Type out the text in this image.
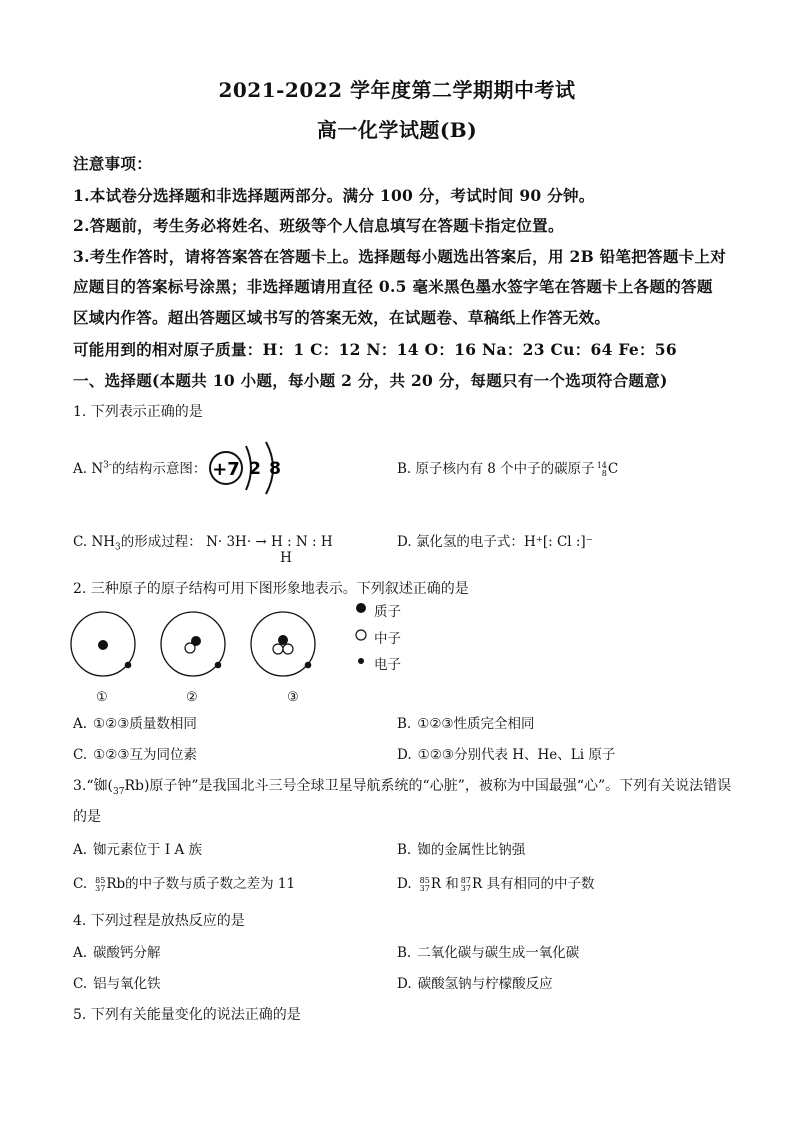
2021-2022 学年度第二学期期中考试
高一化学试题(B)
注意事项：
1.本试卷分选择题和非选择题两部分。满分 100 分，考试时间 90 分钟。
2.答题前，考生务必将姓名、班级等个人信息填写在答题卡指定位置。
3.考生作答时，请将答案答在答题卡上。选择题每小题选出答案后，用 2B 铅笔把答题卡上对
应题目的答案标号涂黑；非选择题请用直径 0.5 毫米黑色墨水签字笔在答题卡上各题的答题
区域内作答。超出答题区域书写的答案无效，在试题卷、草稿纸上作答无效。
可能用到的相对原子质量：H：1 C：12 N：14 O：16 Na：23 Cu：64 Fe：56
一、选择题(本题共 10 小题，每小题 2 分，共 20 分，每题只有一个选项符合题意)
1. 下列表示正确的是
A. $N^{3-}$的结构示意图： +7 2 8	B. 原子核内有 8 个中子的碳原子 14
8 C
C. $NH_3$的形成过程： N· 3H· → H : N : H
H
D. 氯化氢的电子式：H⁺[: Cl :]⁻
2. 三种原子的原子结构可用下图形象地表示。下列叙述正确的是
质子
中子
电子
①	②	③
A. ①②③质量数相同	B. ①②③性质完全相同
C. ①②③互为同位素	D. ①②③分别代表 H、He、Li 原子
3.“铷$(_{37}Rb)$原子钟”是我国北斗三号全球卫星导航系统的“心脏”，被称为中国最强“心”。下列有关说法错误
的是
A. 铷元素位于 I A 族	B. 铷的金属性比钠强
C. 85
37 Rb的中子数与质子数之差为 11	D. 85
37 R 和 87
37 R 具有相同的中子数
4. 下列过程是放热反应的是
A. 碳酸钙分解	B. 二氧化碳与碳生成一氧化碳
C. 铝与氧化铁	D. 碳酸氢钠与柠檬酸反应
5. 下列有关能量变化的说法正确的是
